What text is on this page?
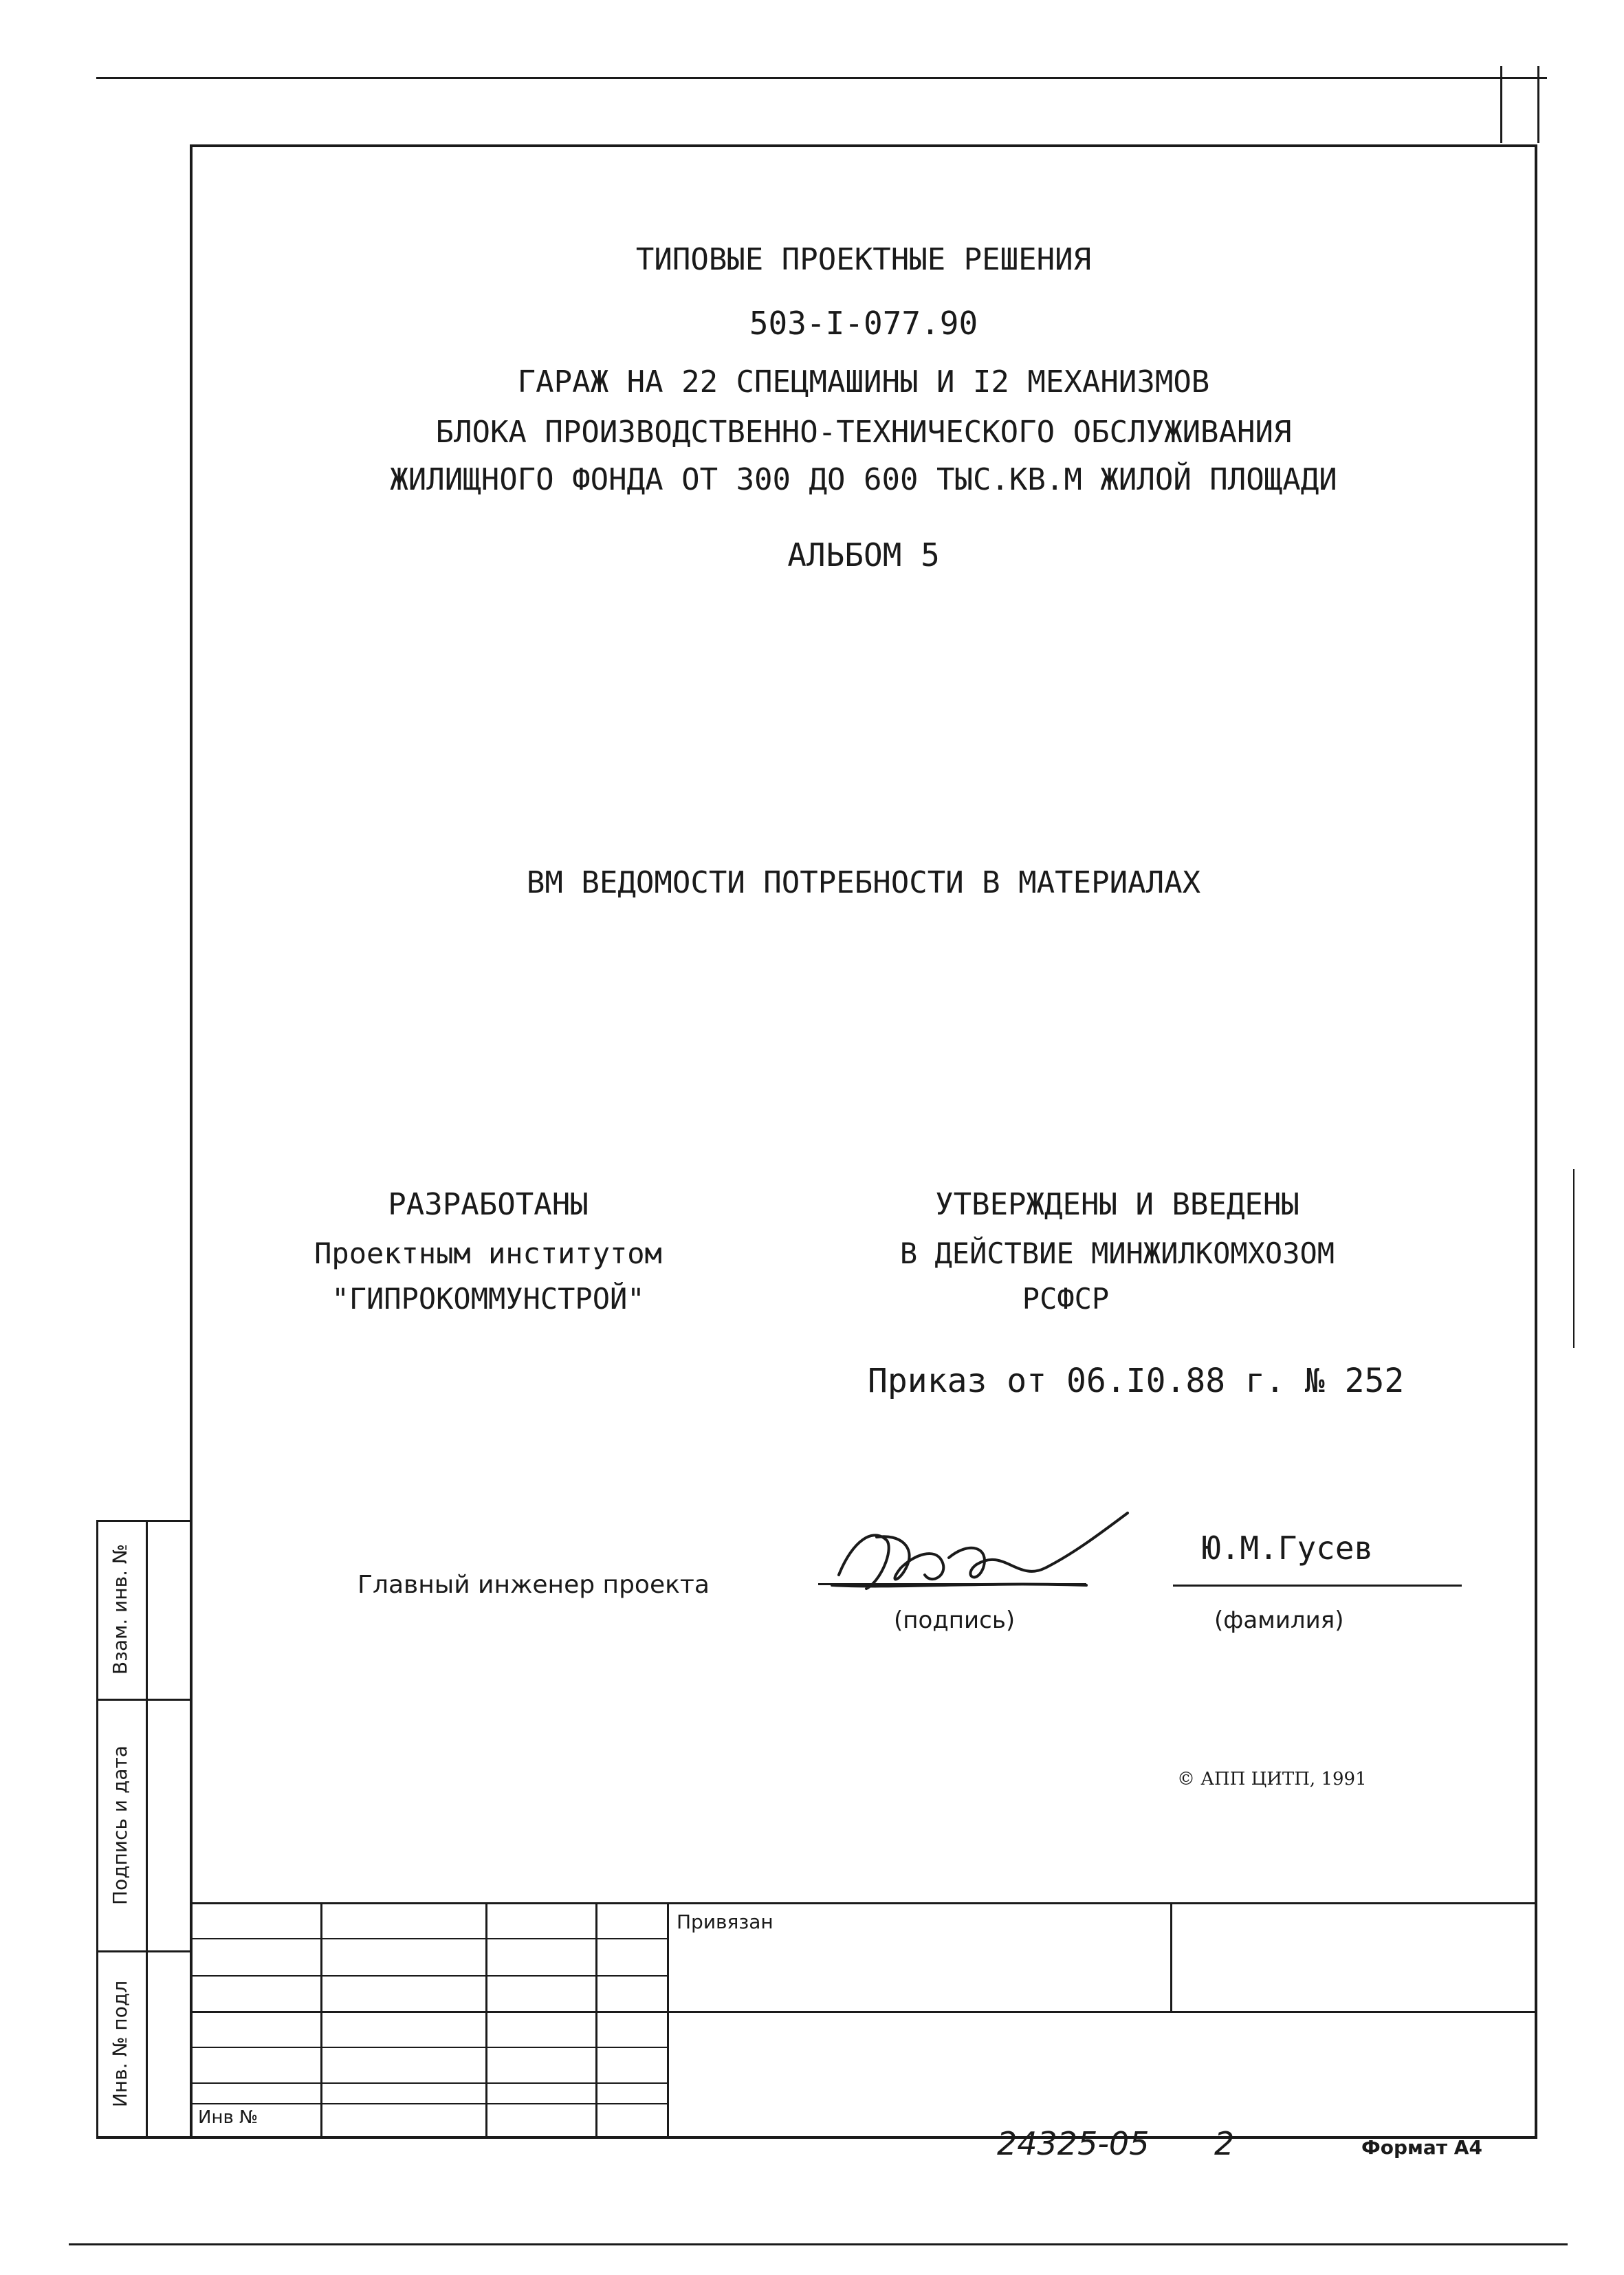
ТИПОВЫЕ ПРОЕКТНЫЕ РЕШЕНИЯ
503-I-077.90
ГАРАЖ НА 22 СПЕЦМАШИНЫ И I2 МЕХАНИЗМОВ
БЛОКА ПРОИЗВОДСТВЕННО-ТЕХНИЧЕСКОГО ОБСЛУЖИВАНИЯ
ЖИЛИЩНОГО ФОНДА ОТ 300 ДО 600 ТЫС.КВ.М ЖИЛОЙ ПЛОЩАДИ
АЛЬБОМ 5
ВМ ВЕДОМОСТИ ПОТРЕБНОСТИ В МАТЕРИАЛАХ
РАЗРАБОТАНЫ
Проектным институтом
"ГИПРОКОММУНСТРОЙ"
УТВЕРЖДЕНЫ И ВВЕДЕНЫ
В ДЕЙСТВИЕ МИНЖИЛКОМХОЗОМ
РСФСР
Приказ от 06.I0.88 г. № 252
Главный инженер проекта
(подпись)
Ю.М.Гусев
(фамилия)
© АПП ЦИТП, 1991
Взам. инв. №
Подпись и дата
Инв. № подл
Привязан
Инв №
24325-05 2	Формат А4
